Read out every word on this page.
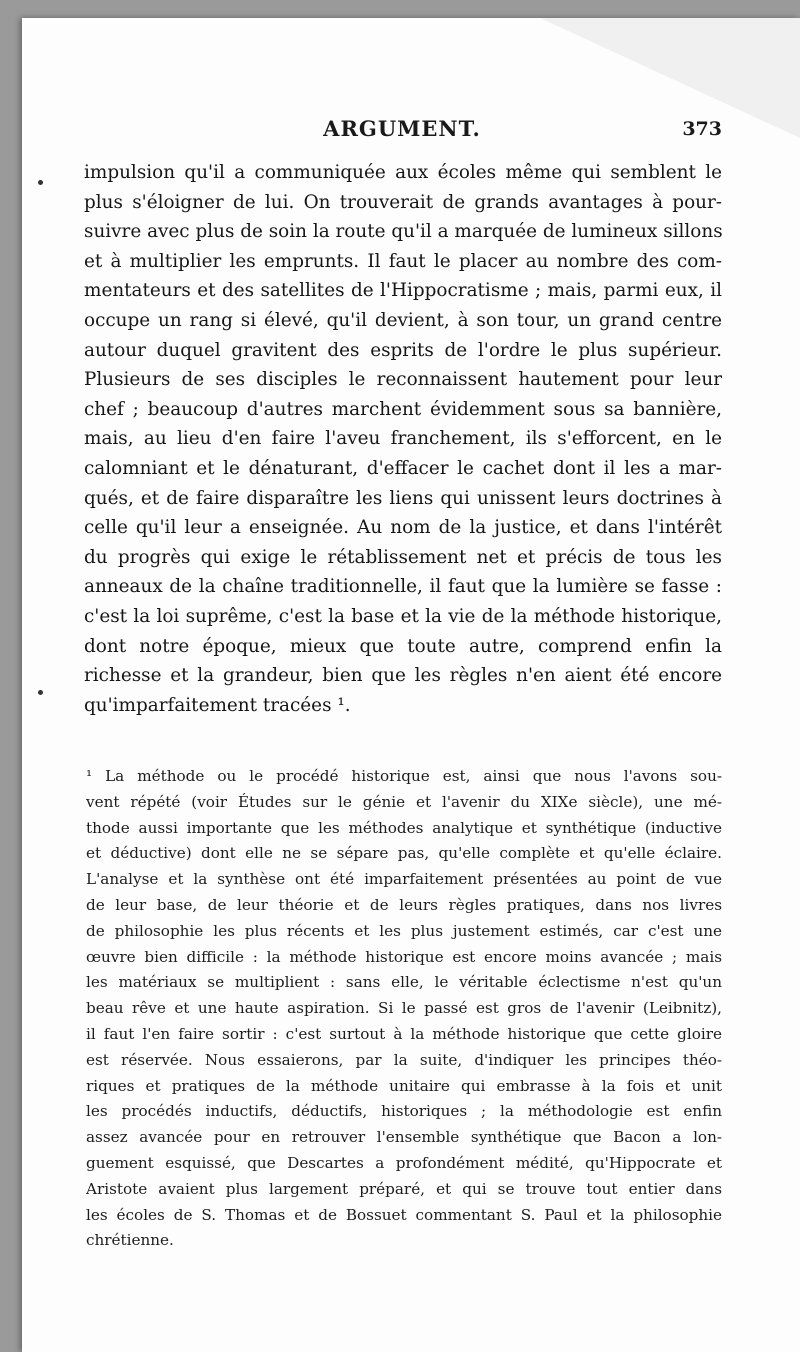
ARGUMENT.	373
impulsion qu'il a communiquée aux écoles même qui semblent le
plus s'éloigner de lui. On trouverait de grands avantages à pour-
suivre avec plus de soin la route qu'il a marquée de lumineux sillons
et à multiplier les emprunts. Il faut le placer au nombre des com-
mentateurs et des satellites de l'Hippocratisme ; mais, parmi eux, il
occupe un rang si élevé, qu'il devient, à son tour, un grand centre
autour duquel gravitent des esprits de l'ordre le plus supérieur.
Plusieurs de ses disciples le reconnaissent hautement pour leur
chef ; beaucoup d'autres marchent évidemment sous sa bannière,
mais, au lieu d'en faire l'aveu franchement, ils s'efforcent, en le
calomniant et le dénaturant, d'effacer le cachet dont il les a mar-
qués, et de faire disparaître les liens qui unissent leurs doctrines à
celle qu'il leur a enseignée. Au nom de la justice, et dans l'intérêt
du progrès qui exige le rétablissement net et précis de tous les
anneaux de la chaîne traditionnelle, il faut que la lumière se fasse :
c'est la loi suprême, c'est la base et la vie de la méthode historique,
dont notre époque, mieux que toute autre, comprend enfin la
richesse et la grandeur, bien que les règles n'en aient été encore
qu'imparfaitement tracées ¹.
¹ La méthode ou le procédé historique est, ainsi que nous l'avons sou-
vent répété (voir Études sur le génie et l'avenir du XIXe siècle), une mé-
thode aussi importante que les méthodes analytique et synthétique (inductive
et déductive) dont elle ne se sépare pas, qu'elle complète et qu'elle éclaire.
L'analyse et la synthèse ont été imparfaitement présentées au point de vue
de leur base, de leur théorie et de leurs règles pratiques, dans nos livres
de philosophie les plus récents et les plus justement estimés, car c'est une
œuvre bien difficile : la méthode historique est encore moins avancée ; mais
les matériaux se multiplient : sans elle, le véritable éclectisme n'est qu'un
beau rêve et une haute aspiration. Si le passé est gros de l'avenir (Leibnitz),
il faut l'en faire sortir : c'est surtout à la méthode historique que cette gloire
est réservée. Nous essaierons, par la suite, d'indiquer les principes théo-
riques et pratiques de la méthode unitaire qui embrasse à la fois et unit
les procédés inductifs, déductifs, historiques ; la méthodologie est enfin
assez avancée pour en retrouver l'ensemble synthétique que Bacon a lon-
guement esquissé, que Descartes a profondément médité, qu'Hippocrate et
Aristote avaient plus largement préparé, et qui se trouve tout entier dans
les écoles de S. Thomas et de Bossuet commentant S. Paul et la philosophie
chrétienne.
